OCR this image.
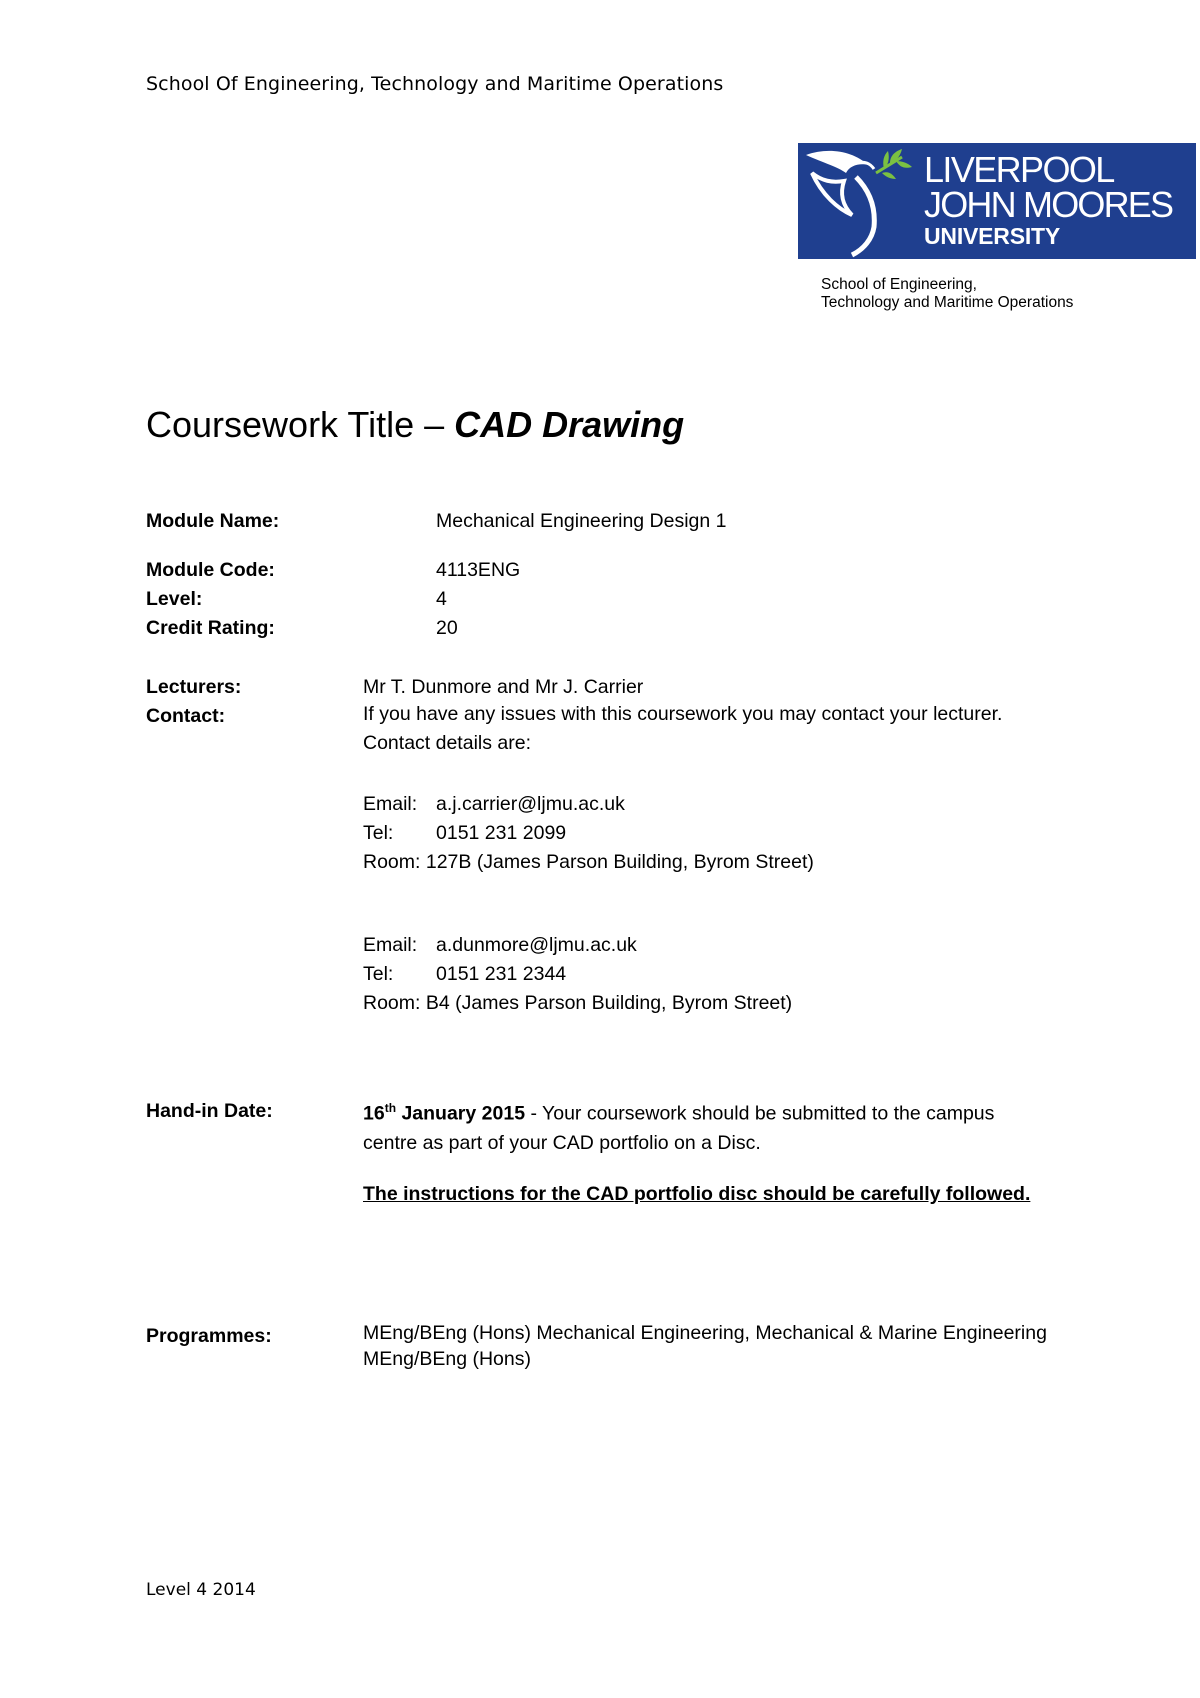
School Of Engineering, Technology and Maritime Operations
LIVERPOOL
JOHN MOORES
UNIVERSITY
School of Engineering,
Technology and Maritime Operations
Coursework Title – CAD Drawing
Module Name:	Mechanical Engineering Design 1
Module Code:	4113ENG
Level:	4
Credit Rating:	20
Lecturers:	Mr T. Dunmore and Mr J. Carrier
Contact:	If you have any issues with this coursework you may contact your lecturer. Contact details are:
Email: a.j.carrier@ljmu.ac.uk
Tel: 0151 231 2099
Room: 127B (James Parson Building, Byrom Street)
Email: a.dunmore@ljmu.ac.uk
Tel: 0151 231 2344
Room: B4 (James Parson Building, Byrom Street)
Hand-in Date:	16th January 2015 - Your coursework should be submitted to the campus centre as part of your CAD portfolio on a Disc.
The instructions for the CAD portfolio disc should be carefully followed.
Programmes:	MEng/BEng (Hons) Mechanical Engineering, Mechanical & Marine Engineering MEng/BEng (Hons)
Level 4 2014
